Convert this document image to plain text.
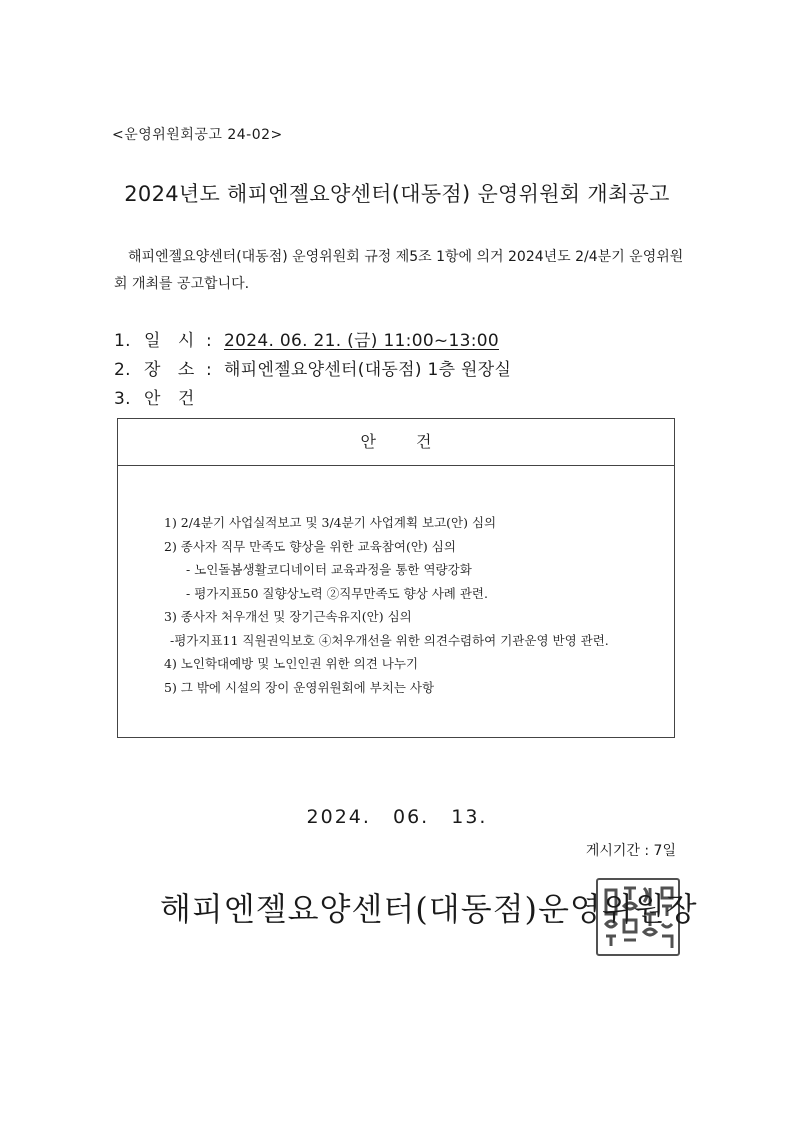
<운영위원회공고 24-02>
2024년도 해피엔젤요양센터(대동점) 운영위원회 개최공고

해피엔젤요양센터(대동점) 운영위원회 규정 제5조 1항에 의거 2024년도 2/4분기 운영위원회 개최를 공고합니다.

1. 일 시 : 2024. 06. 21. (금) 11:00~13:00
2. 장 소 : 해피엔젤요양센터(대동점) 1층 원장실
3. 안 건
안건
1) 2/4분기 사업실적보고 및 3/4분기 사업계획 보고(안) 심의
2) 종사자 직무 만족도 향상을 위한 교육참여(안) 심의
- 노인돌봄생활코디네이터 교육과정을 통한 역량강화
- 평가지표50 질향상노력 ②직무만족도 향상 사례 관련.
3) 종사자 처우개선 및 장기근속유지(안) 심의
-평가지표11 직원권익보호 ④처우개선을 위한 의견수렴하여 기관운영 반영 관련.
4) 노인학대예방 및 노인인권 위한 의견 나누기
5) 그 밖에 시설의 장이 운영위원회에 부치는 사항
2024. 06. 13.
게시기간 : 7일
해피엔젤요양센터(대동점)운영위원장
